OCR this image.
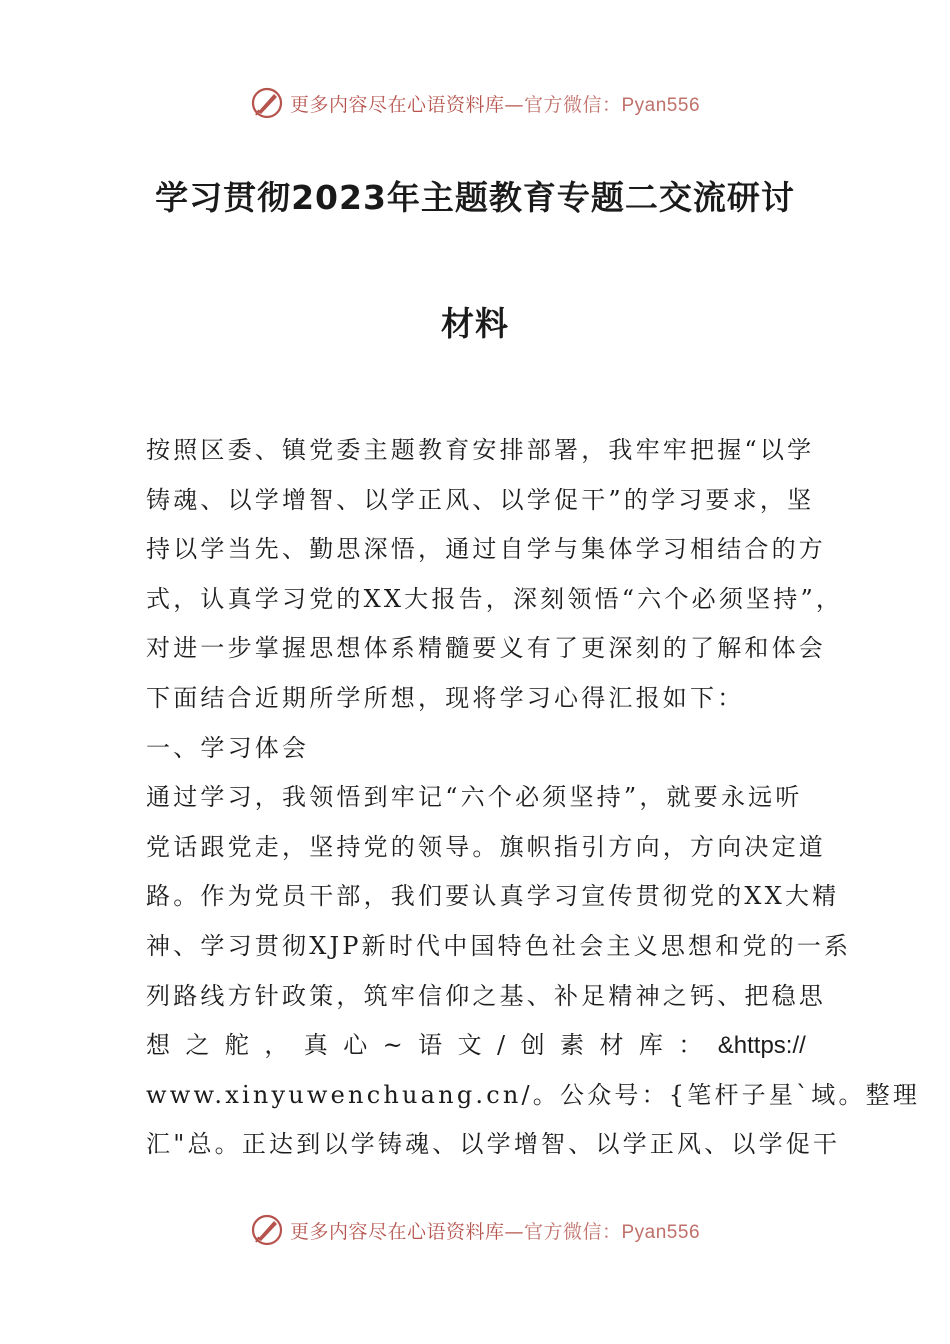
更多内容尽在心语资料库—官方微信：Pyan556
学习贯彻2023年主题教育专题二交流研讨
材料
按照区委、镇党委主题教育安排部署，我牢牢把握“以学
铸魂、以学增智、以学正风、以学促干”的学习要求，坚
持以学当先、勤思深悟，通过自学与集体学习相结合的方
式，认真学习党的XX大报告，深刻领悟“六个必须坚持”，
对进一步掌握思想体系精髓要义有了更深刻的了解和体会
下面结合近期所学所想，现将学习心得汇报如下：
一、学习体会
通过学习，我领悟到牢记“六个必须坚持”，就要永远听
党话跟党走，坚持党的领导。旗帜指引方向，方向决定道
路。作为党员干部，我们要认真学习宣传贯彻党的XX大精
神、学习贯彻XJP新时代中国特色社会主义思想和党的一系
列路线方针政策，筑牢信仰之基、补足精神之钙、把稳思
想 之 舵 ， 真 心 ~ 语 文 / 创 素 材 库 ： &https://
www.xinyuwenchuang.cn/。公众号：{笔杆子星`域。整理
汇"总。正达到以学铸魂、以学增智、以学正风、以学促干
更多内容尽在心语资料库—官方微信：Pyan556
